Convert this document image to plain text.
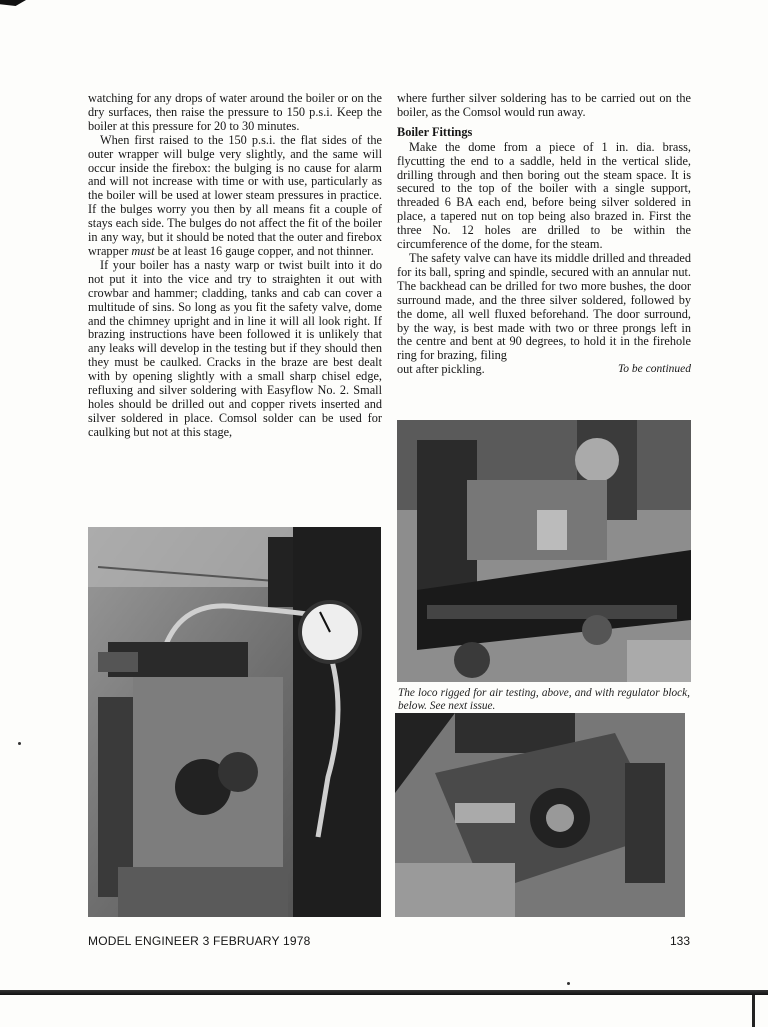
watching for any drops of water around the boiler or on the dry surfaces, then raise the pressure to 150 p.s.i. Keep the boiler at this pressure for 20 to 30 minutes.

When first raised to the 150 p.s.i. the flat sides of the outer wrapper will bulge very slightly, and the same will occur inside the firebox: the bulging is no cause for alarm and will not increase with time or with use, particularly as the boiler will be used at lower steam pressures in practice. If the bulges worry you then by all means fit a couple of stays each side. The bulges do not affect the fit of the boiler in any way, but it should be noted that the outer and firebox wrapper must be at least 16 gauge copper, and not thinner.

If your boiler has a nasty warp or twist built into it do not put it into the vice and try to straighten it out with crowbar and hammer; cladding, tanks and cab can cover a multitude of sins. So long as you fit the safety valve, dome and the chimney upright and in line it will all look right. If brazing instructions have been followed it is unlikely that any leaks will develop in the testing but if they should then they must be caulked. Cracks in the braze are best dealt with by opening slightly with a small sharp chisel edge, refluxing and silver soldering with Easyflow No. 2. Small holes should be drilled out and copper rivets inserted and silver soldered in place. Comsol solder can be used for caulking but not at this stage,

where further silver soldering has to be carried out on the boiler, as the Comsol would run away.

Boiler Fittings

Make the dome from a piece of 1 in. dia. brass, flycutting the end to a saddle, held in the vertical slide, drilling through and then boring out the steam space. It is secured to the top of the boiler with a single support, threaded 6 BA each end, before being silver soldered in place, a tapered nut on top being also brazed in. First the three No. 12 holes are drilled to be within the circumference of the dome, for the steam.

The safety valve can have its middle drilled and threaded for its ball, spring and spindle, secured with an annular nut. The backhead can be drilled for two more bushes, the door surround made, and the three silver soldered, followed by the dome, all well fluxed beforehand. The door surround, by the way, is best made with two or three prongs left in the centre and bent at 90 degrees, to hold it in the firehole ring for brazing, filing

out after pickling.	To be continued
The loco rigged for air testing, above, and with regulator block, below. See next issue.
MODEL ENGINEER 3 FEBRUARY 1978	133
